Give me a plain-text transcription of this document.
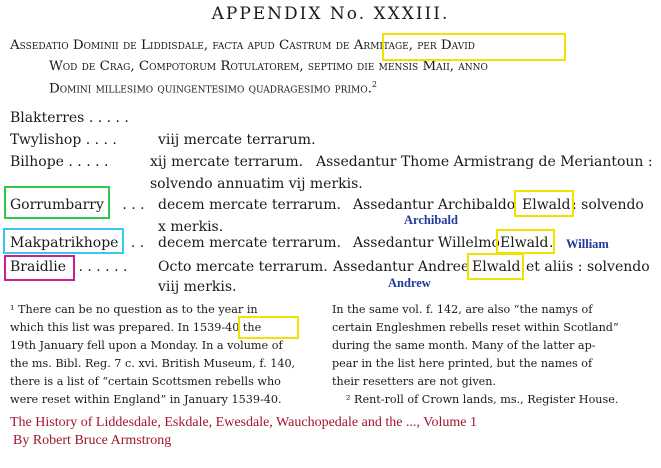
APPENDIX No. XXXIII.
Assedatio Dominii de Liddisdale, facta apud Castrum de Armitage, per David
Wod de Crag, Compotorum Rotulatorem, septimo die mensis Maii, anno
Domini millesimo quingentesimo quadragesimo primo.$^2$
Blakterres . . . . .
Twylishop . . . .	viij mercate terrarum.
Bilhope . . . . .	xij mercate terrarum. Assedantur Thome Armistrang de Meriantoun :
solvendo annuatim vij merkis.
Gorrumbarry . . . decem mercate terrarum. Assedantur Archibaldo Elwald : solvendo
x merkis.
Makpatrikhope . . decem mercate terrarum. Assedantur Willelmo Elwald .
Braidlie . . . . . . Octo mercate terrarum. Assedantur Andree Elwald et aliis : solvendo
viij merkis.
Archibald
William
Andrew
¹ There can be no question as to the year in
which this list was prepared. In 1539-40 the
19th January fell upon a Monday. In a volume of
the ms. Bibl. Reg. 7 c. xvi. British Museum, f. 140,
there is a list of “certain Scottsmen rebells who
were reset within England” in January 1539-40.
In the same vol. f. 142, are also “the namys of
certain Engleshmen rebells reset within Scotland”
during the same month. Many of the latter ap-
pear in the list here printed, but the names of
their resetters are not given.
² Rent-roll of Crown lands, ms., Register House.
The History of Liddesdale, Eskdale, Ewesdale, Wauchopedale and the ..., Volume 1
By Robert Bruce Armstrong
